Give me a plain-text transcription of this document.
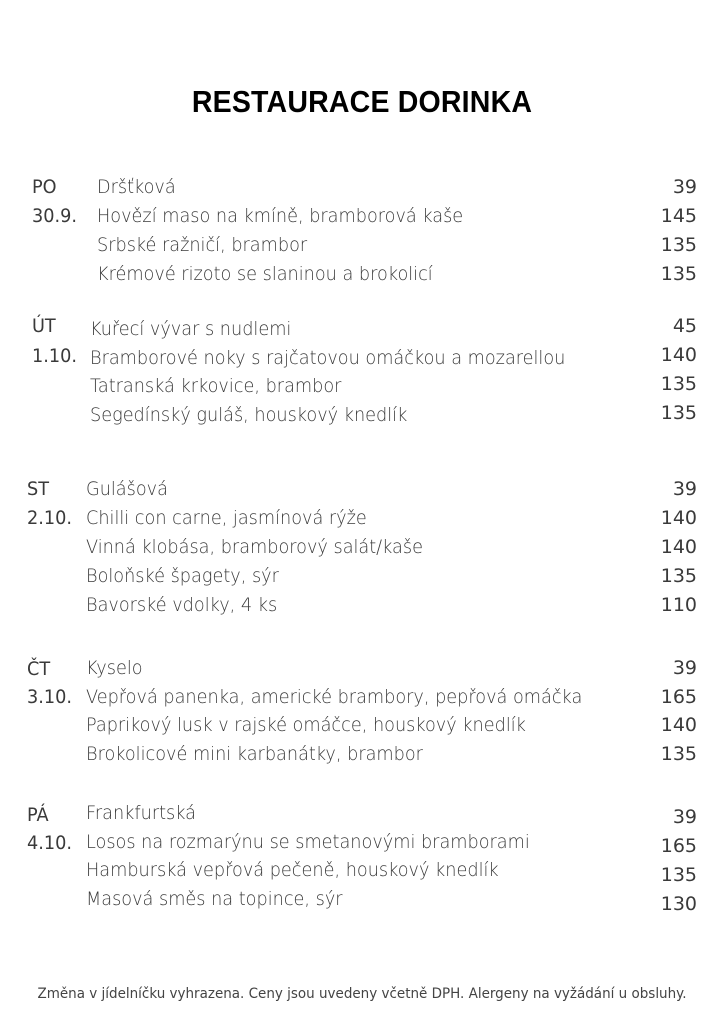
RESTAURACE DORINKA
PO
30.9.
Dršťková
Hovězí maso na kmíně, bramborová kaše
Srbské ražničí, brambor
Krémové rizoto se slaninou a brokolicí
39
145
135
135
ÚT
1.10.
Kuřecí vývar s nudlemi
Bramborové noky s rajčatovou omáčkou a mozarellou
Tatranská krkovice, brambor
Segedínský guláš, houskový knedlík
45
140
135
135
ST
2.10.
Gulášová
Chilli con carne, jasmínová rýže
Vinná klobása, bramborový salát/kaše
Boloňské špagety, sýr
Bavorské vdolky, 4 ks
39
140
140
135
110
ČT
3.10.
Kyselo
Vepřová panenka, americké brambory, pepřová omáčka
Paprikový lusk v rajské omáčce, houskový knedlík
Brokolicové mini karbanátky, brambor
39
165
140
135
PÁ
4.10.
Frankfurtská
Losos na rozmarýnu se smetanovými bramborami
Hamburská vepřová pečeně, houskový knedlík
Masová směs na topince, sýr
39
165
135
130
Změna v jídelníčku vyhrazena. Ceny jsou uvedeny včetně DPH. Alergeny na vyžádání u obsluhy.
